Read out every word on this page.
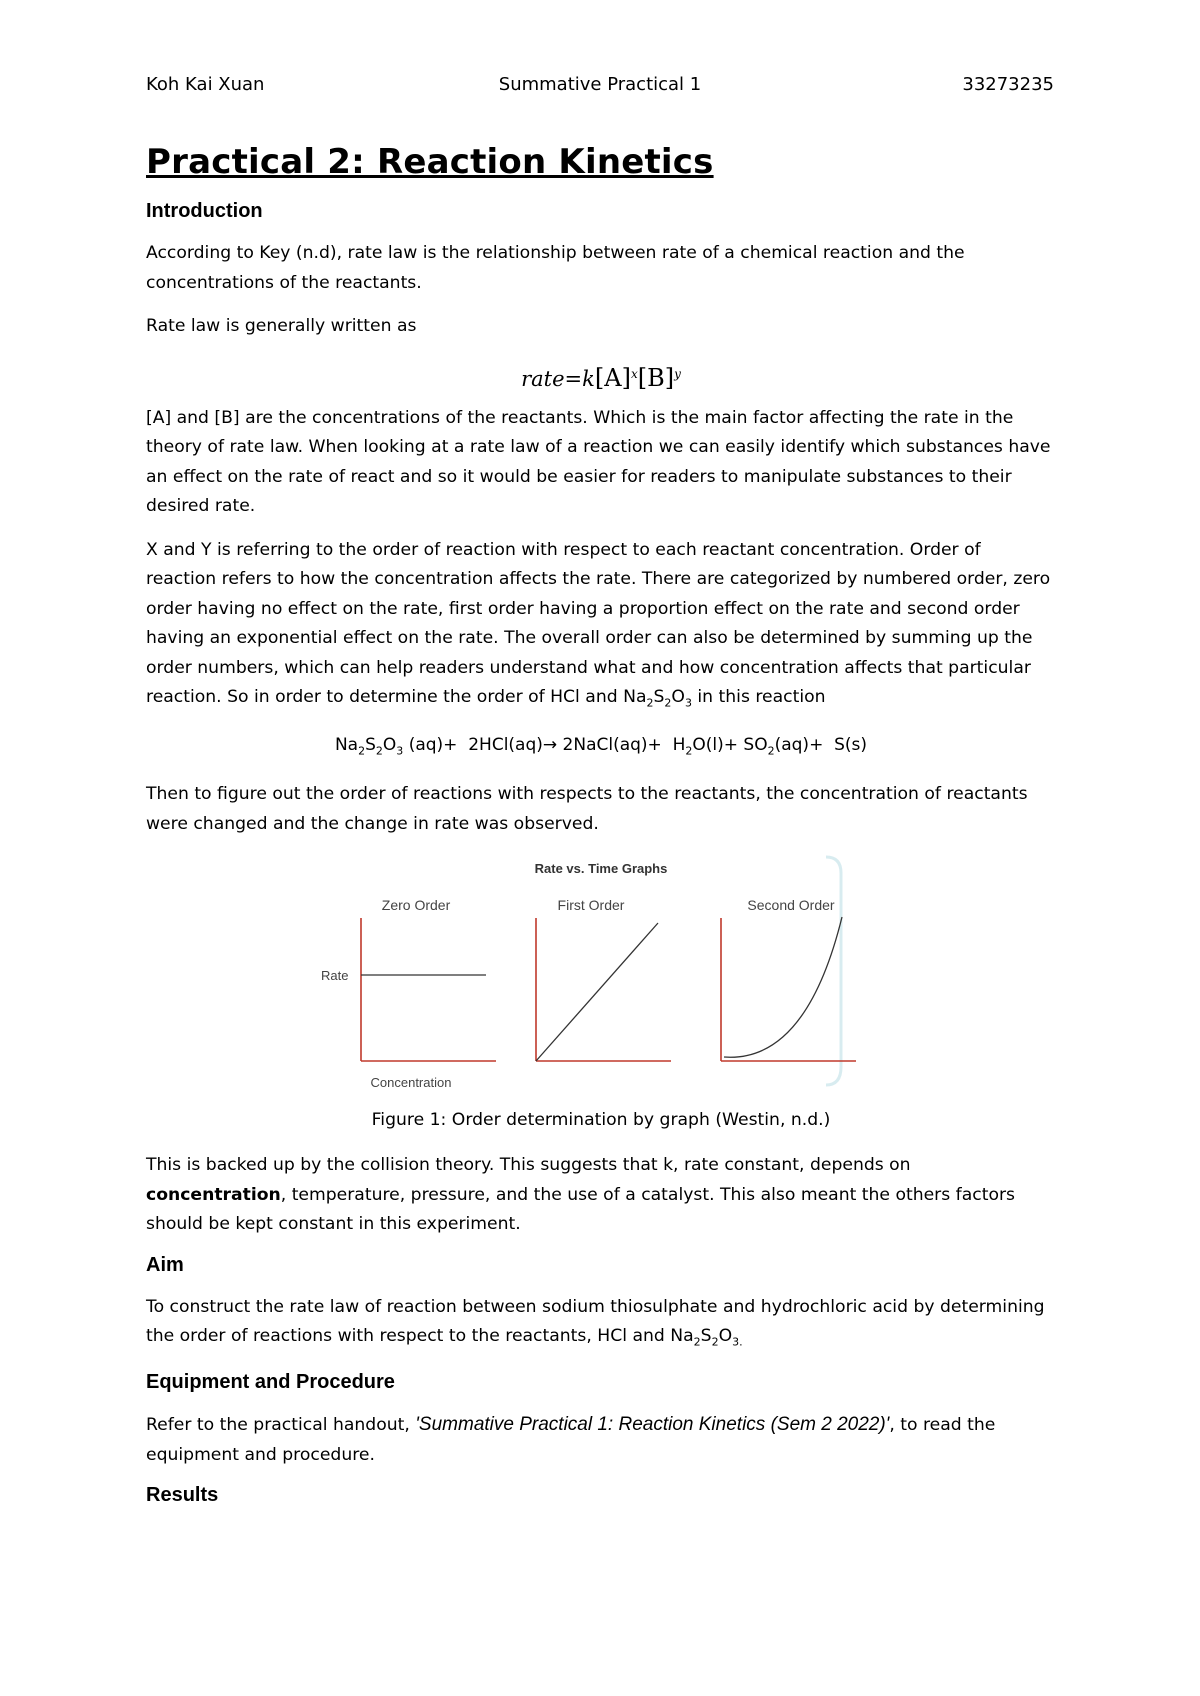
Koh Kai Xuan	Summative Practical 1	33273235
Practical 2: Reaction Kinetics
Introduction

According to Key (n.d), rate law is the relationship between rate of a chemical reaction and the concentrations of the reactants.

Rate law is generally written as

$rate=k[A]^x[B]^y$

[A] and [B] are the concentrations of the reactants. Which is the main factor affecting the rate in the theory of rate law. When looking at a rate law of a reaction we can easily identify which substances have an effect on the rate of react and so it would be easier for readers to manipulate substances to their desired rate.

X and Y is referring to the order of reaction with respect to each reactant concentration. Order of reaction refers to how the concentration affects the rate. There are categorized by numbered order, zero order having no effect on the rate, first order having a proportion effect on the rate and second order having an exponential effect on the rate. The overall order can also be determined by summing up the order numbers, which can help readers understand what and how concentration affects that particular reaction. So in order to determine the order of HCl and $Na_2S_2O_3$ in this reaction

$Na_2S_2O_3$ (aq)+  2HCl(aq)→ 2NaCl(aq)+  $H_2O(l)+ SO_2(aq)+ S(s)$

Then to figure out the order of reactions with respects to the reactants, the concentration of reactants were changed and the change in rate was observed.

Rate vs. Time Graphs
Zero Order	First Order	Second Order
Rate
Concentration
Figure 1: Order determination by graph (Westin, n.d.)

This is backed up by the collision theory. This suggests that k, rate constant, depends on concentration, temperature, pressure, and the use of a catalyst. This also meant the others factors should be kept constant in this experiment.

Aim

To construct the rate law of reaction between sodium thiosulphate and hydrochloric acid by determining the order of reactions with respect to the reactants, HCl and $Na_2S_2O_{3.}$

Equipment and Procedure

Refer to the practical handout, 'Summative Practical 1: Reaction Kinetics (Sem 2 2022)', to read the equipment and procedure.

Results
